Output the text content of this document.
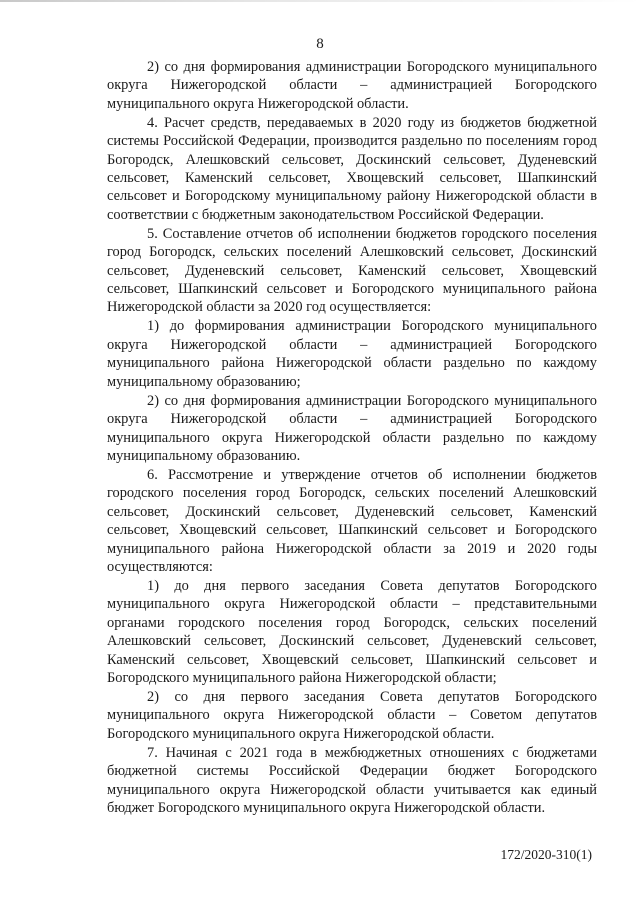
8

2) со дня формирования администрации Богородского муниципального округа Нижегородской области – администрацией Богородского муниципального округа Нижегородской области.

4. Расчет средств, передаваемых в 2020 году из бюджетов бюджетной системы Российской Федерации, производится раздельно по поселениям город Богородск, Алешковский сельсовет, Доскинский сельсовет, Дуденевский сельсовет, Каменский сельсовет, Хвощевский сельсовет, Шапкинский сельсовет и Богородскому муниципальному району Нижегородской области в соответствии с бюджетным законодательством Российской Федерации.

5. Составление отчетов об исполнении бюджетов городского поселения город Богородск, сельских поселений Алешковский сельсовет, Доскинский сельсовет, Дуденевский сельсовет, Каменский сельсовет, Хвощевский сельсовет, Шапкинский сельсовет и Богородского муниципального района Нижегородской области за 2020 год осуществляется:

1) до формирования администрации Богородского муниципального округа Нижегородской области – администрацией Богородского муниципального района Нижегородской области раздельно по каждому муниципальному образованию;

2) со дня формирования администрации Богородского муниципального округа Нижегородской области – администрацией Богородского муниципального округа Нижегородской области раздельно по каждому муниципальному образованию.

6. Рассмотрение и утверждение отчетов об исполнении бюджетов городского поселения город Богородск, сельских поселений Алешковский сельсовет, Доскинский сельсовет, Дуденевский сельсовет, Каменский сельсовет, Хвощевский сельсовет, Шапкинский сельсовет и Богородского муниципального района Нижегородской области за 2019 и 2020 годы осуществляются:

1) до дня первого заседания Совета депутатов Богородского муниципального округа Нижегородской области – представительными органами городского поселения город Богородск, сельских поселений Алешковский сельсовет, Доскинский сельсовет, Дуденевский сельсовет, Каменский сельсовет, Хвощевский сельсовет, Шапкинский сельсовет и Богородского муниципального района Нижегородской области;

2) со дня первого заседания Совета депутатов Богородского муниципального округа Нижегородской области – Советом депутатов Богородского муниципального округа Нижегородской области.

7. Начиная с 2021 года в межбюджетных отношениях с бюджетами бюджетной системы Российской Федерации бюджет Богородского муниципального округа Нижегородской области учитывается как единый бюджет Богородского муниципального округа Нижегородской области.

172/2020-310(1)
